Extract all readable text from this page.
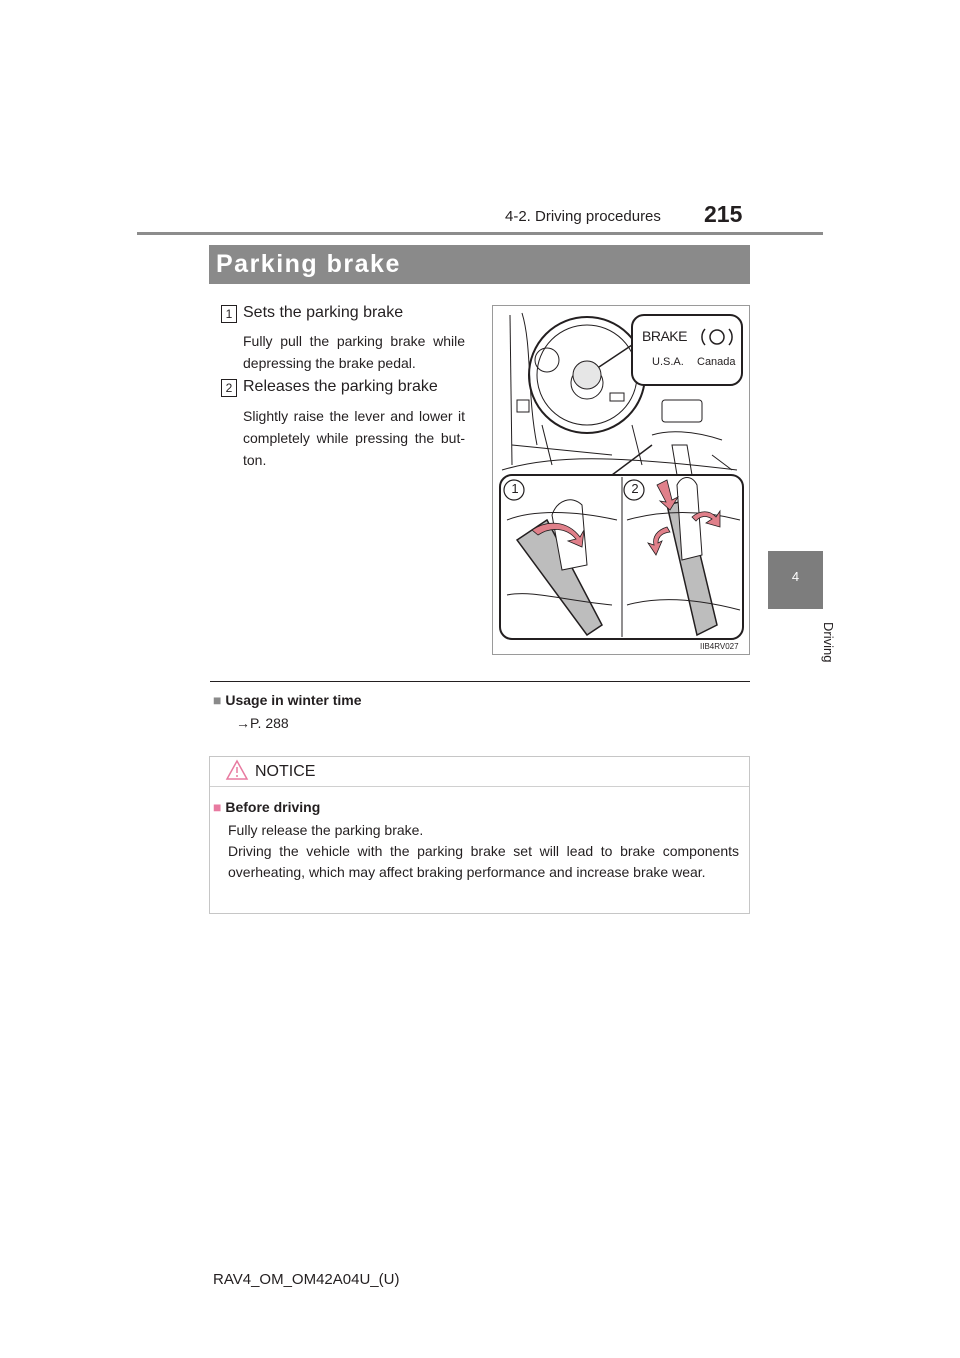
4-2. Driving procedures 215
4
Driving
Parking brake
1 Sets the parking brake
Fully pull the parking brake while depressing the brake pedal.
2 Releases the parking brake
Slightly raise the lever and lower it completely while pressing the but-ton.
BRAKE
U.S.A. Canada
1	2
IIB4RV027
■ Usage in winter time
→P. 288
NOTICE
■ Before driving

Fully release the parking brake.

Driving the vehicle with the parking brake set will lead to brake components overheating, which may affect braking performance and increase brake wear.

RAV4_OM_OM42A04U_(U)
